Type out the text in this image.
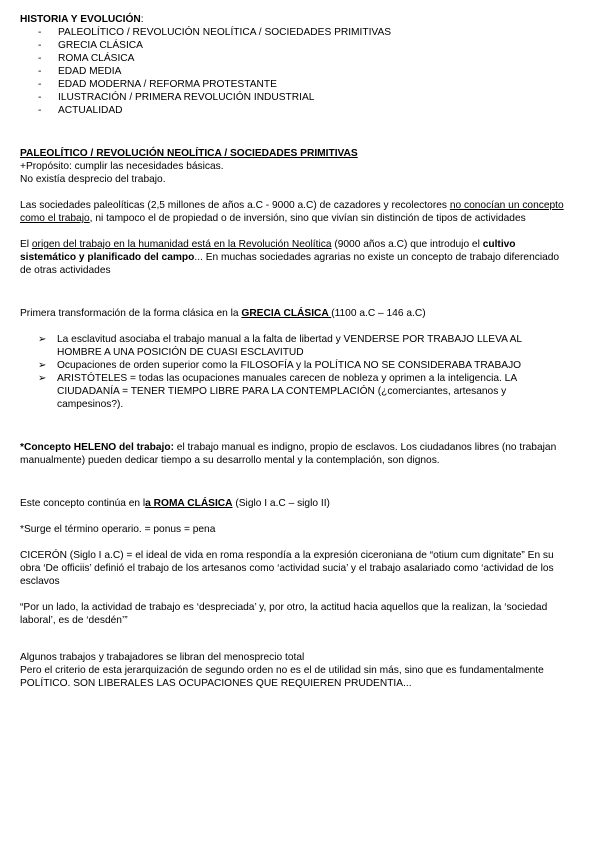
HISTORIA Y EVOLUCIÓN:

- PALEOLÍTICO / REVOLUCIÓN NEOLÍTICA / SOCIEDADES PRIMITIVAS
- GRECIA CLÁSICA
- ROMA CLÁSICA
- EDAD MEDIA
- EDAD MODERNA / REFORMA PROTESTANTE
- ILUSTRACIÓN / PRIMERA REVOLUCIÓN INDUSTRIAL
- ACTUALIDAD

PALEOLÍTICO / REVOLUCIÓN NEOLÍTICA / SOCIEDADES PRIMITIVAS

+Propósito: cumplir las necesidades básicas.

No existía desprecio del trabajo.

Las sociedades paleolíticas (2,5 millones de años a.C - 9000 a.C) de cazadores y recolectores no conocían un concepto como el trabajo, ni tampoco el de propiedad o de inversión, sino que vivían sin distinción de tipos de actividades

El origen del trabajo en la humanidad está en la Revolución Neolítica (9000 años a.C) que introdujo el cultivo sistemático y planificado del campo... En muchas sociedades agrarias no existe un concepto de trabajo diferenciado de otras actividades

Primera transformación de la forma clásica en la GRECIA CLÁSICA (1100 a.C – 146 a.C)

➢ La esclavitud asociaba el trabajo manual a la falta de libertad y VENDERSE POR TRABAJO LLEVA AL HOMBRE A UNA POSICIÓN DE CUASI ESCLAVITUD
➢ Ocupaciones de orden superior como la FILOSOFÍA y la POLÍTICA NO SE CONSIDERABA TRABAJO
➢ ARISTÓTELES = todas las ocupaciones manuales carecen de nobleza y oprimen a la inteligencia. LA CIUDADANÍA = TENER TIEMPO LIBRE PARA LA CONTEMPLACIÓN (¿comerciantes, artesanos y campesinos?).

*Concepto HELENO del trabajo: el trabajo manual es indigno, propio de esclavos. Los ciudadanos libres (no trabajan manualmente) pueden dedicar tiempo a su desarrollo mental y la contemplación, son dignos.

Este concepto continúa en la ROMA CLÁSICA (Siglo I a.C – siglo II)

*Surge el término operario. = ponus = pena

CICERÓN (Siglo I a.C) = el ideal de vida en roma respondía a la expresión ciceroniana de “otium cum dignitate” En su obra ‘De officiis’ definió el trabajo de los artesanos como ‘actividad sucia’ y el trabajo asalariado como ‘actividad de los esclavos

“Por un lado, la actividad de trabajo es ‘despreciada’ y, por otro, la actitud hacia aquellos que la realizan, la ‘sociedad laboral’, es de ‘desdén’”

Algunos trabajos y trabajadores se libran del menosprecio total

Pero el criterio de esta jerarquización de segundo orden no es el de utilidad sin más, sino que es fundamentalmente POLÍTICO. SON LIBERALES LAS OCUPACIONES QUE REQUIEREN PRUDENTIA...
